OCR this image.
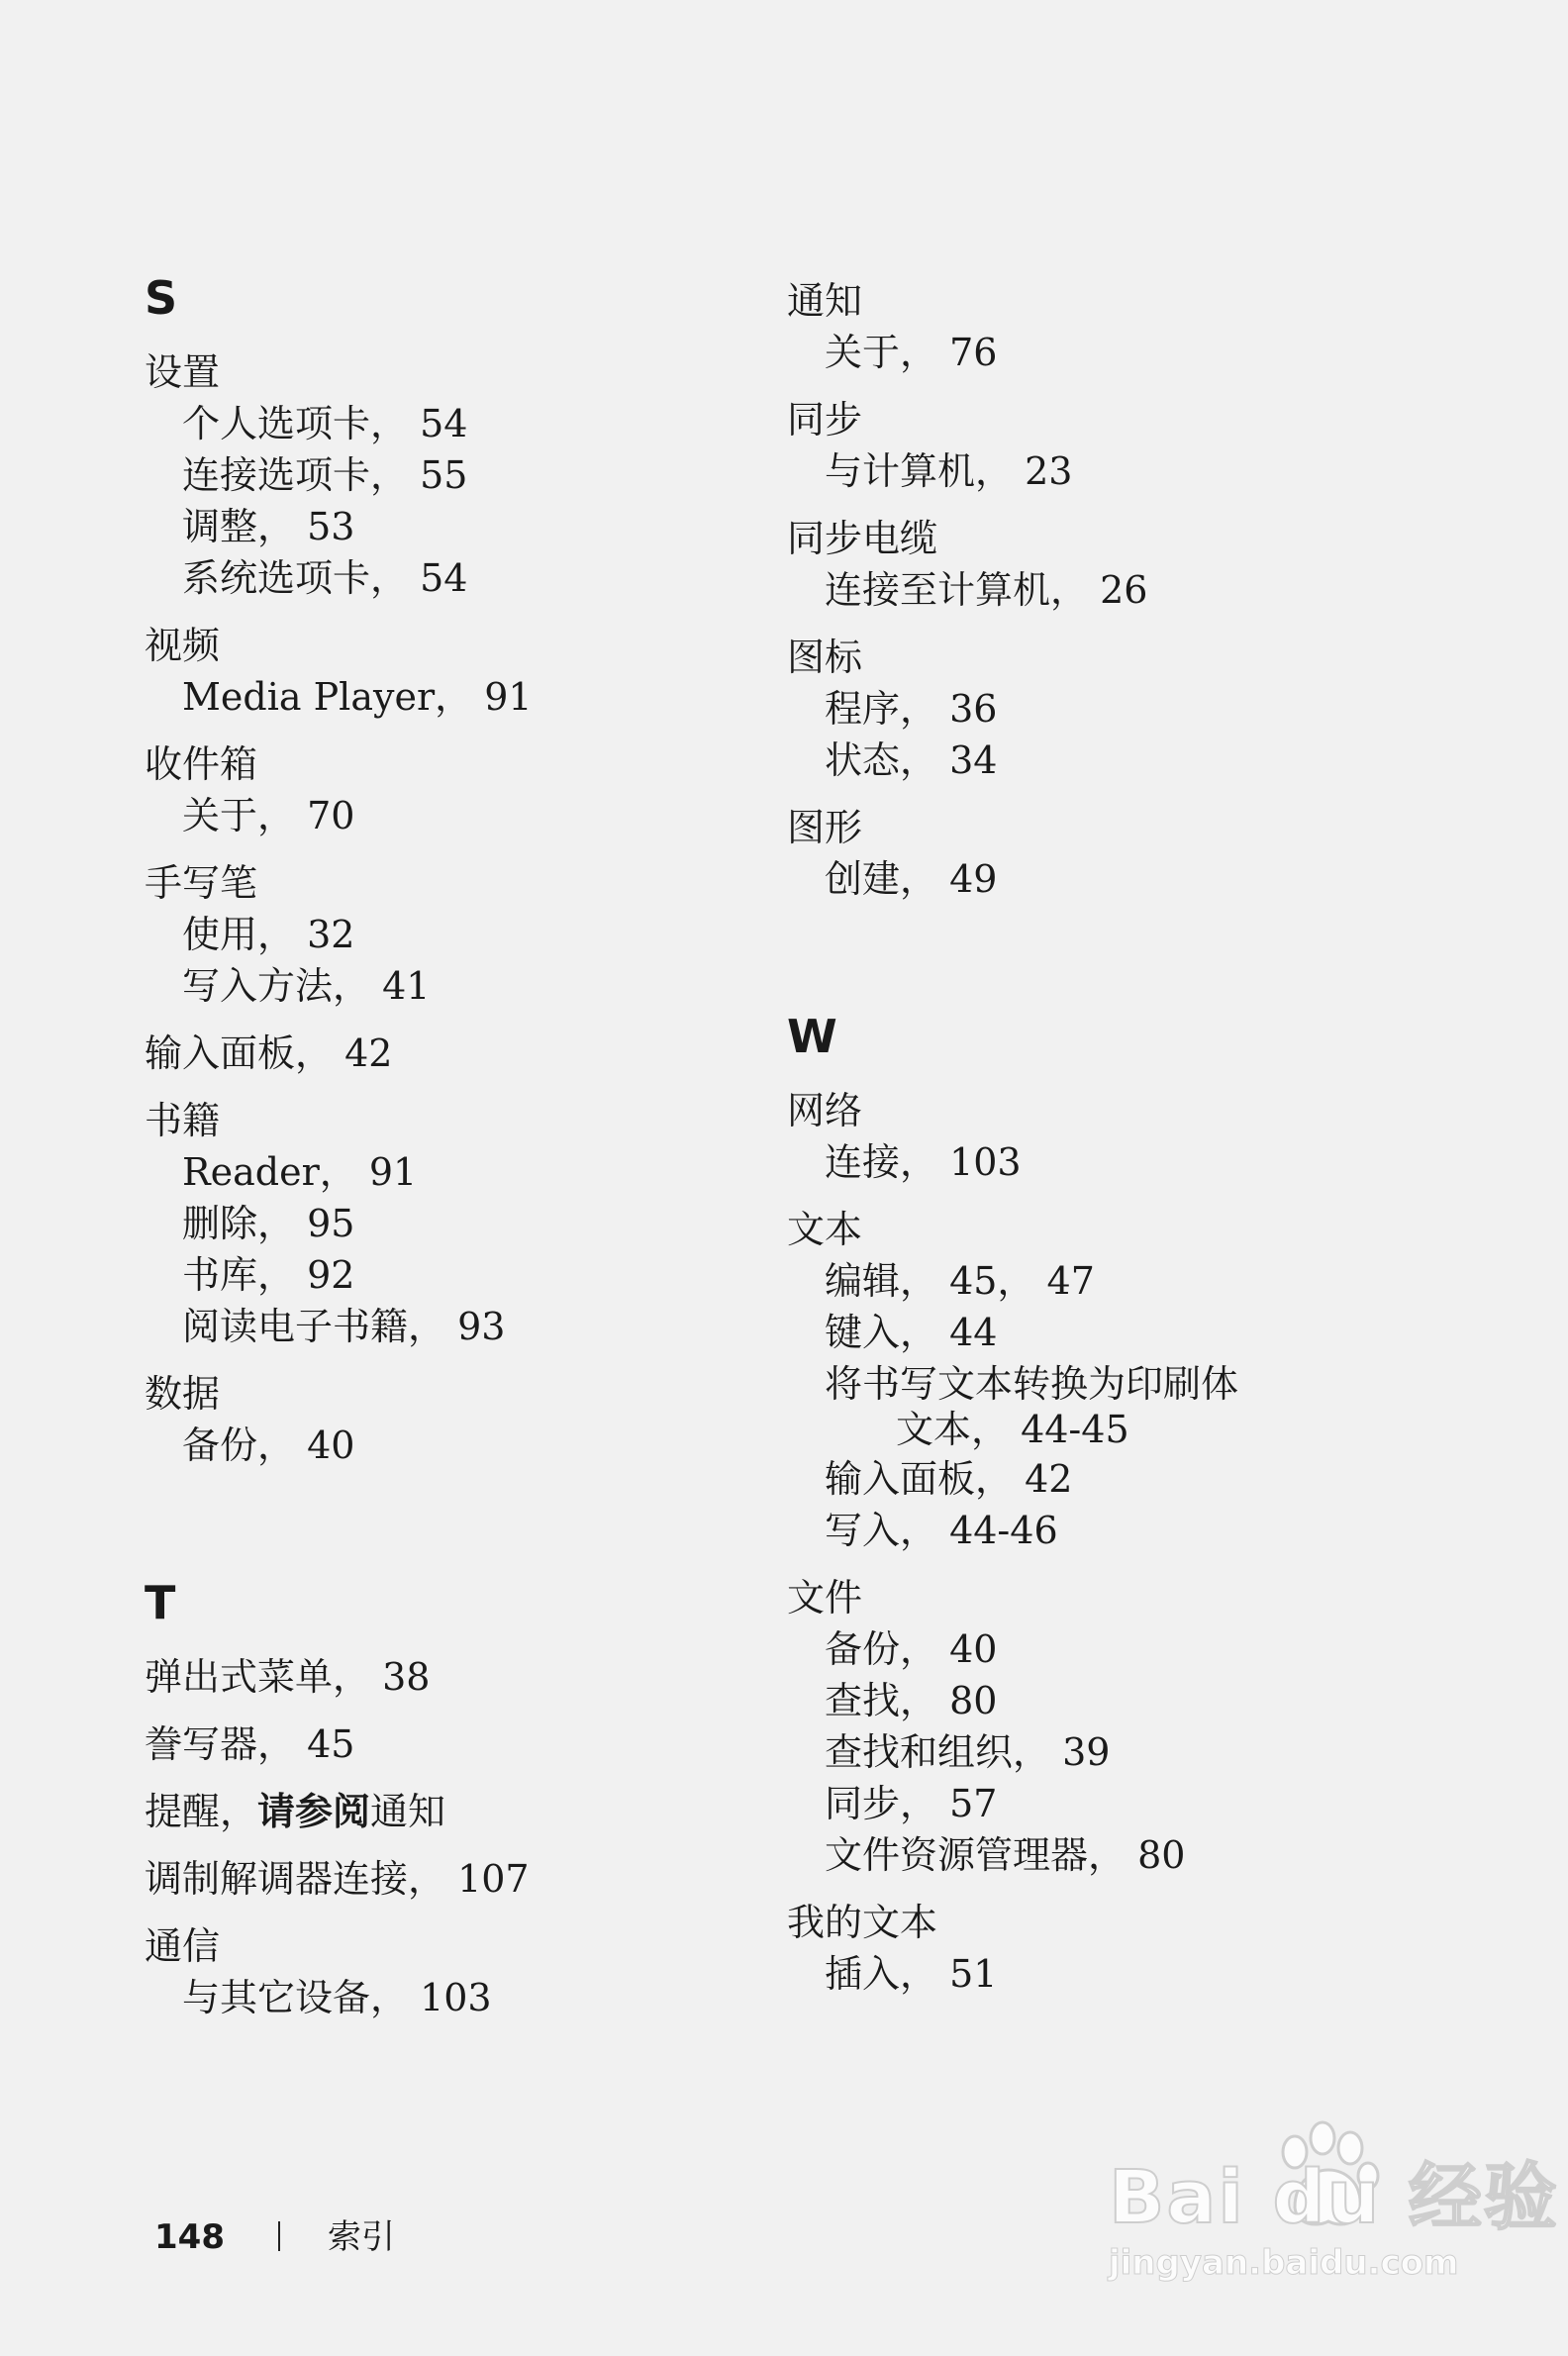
S
设置
个人选项卡， 54
连接选项卡， 55
调整， 53
系统选项卡， 54
视频
Media Player， 91
收件箱
关于， 70
手写笔
使用， 32
写入方法， 41
输入面板， 42
书籍
Reader， 91
删除， 95
书库， 92
阅读电子书籍， 93
数据
备份， 40
T
弹出式菜单， 38
誊写器， 45
提醒，请参阅通知
调制解调器连接， 107
通信
与其它设备， 103
通知
关于， 76
同步
与计算机， 23
同步电缆
连接至计算机， 26
图标
程序， 36
状态， 34
图形
创建， 49
W
网络
连接， 103
文本
编辑， 45， 47
键入， 44
将书写文本转换为印刷体
文本， 44-45
输入面板， 42
写入， 44-46
文件
备份， 40
查找， 80
查找和组织， 39
同步， 57
文件资源管理器， 80
我的文本
插入， 51
148	索引	Bai du 经验
jingyan.baidu.com
